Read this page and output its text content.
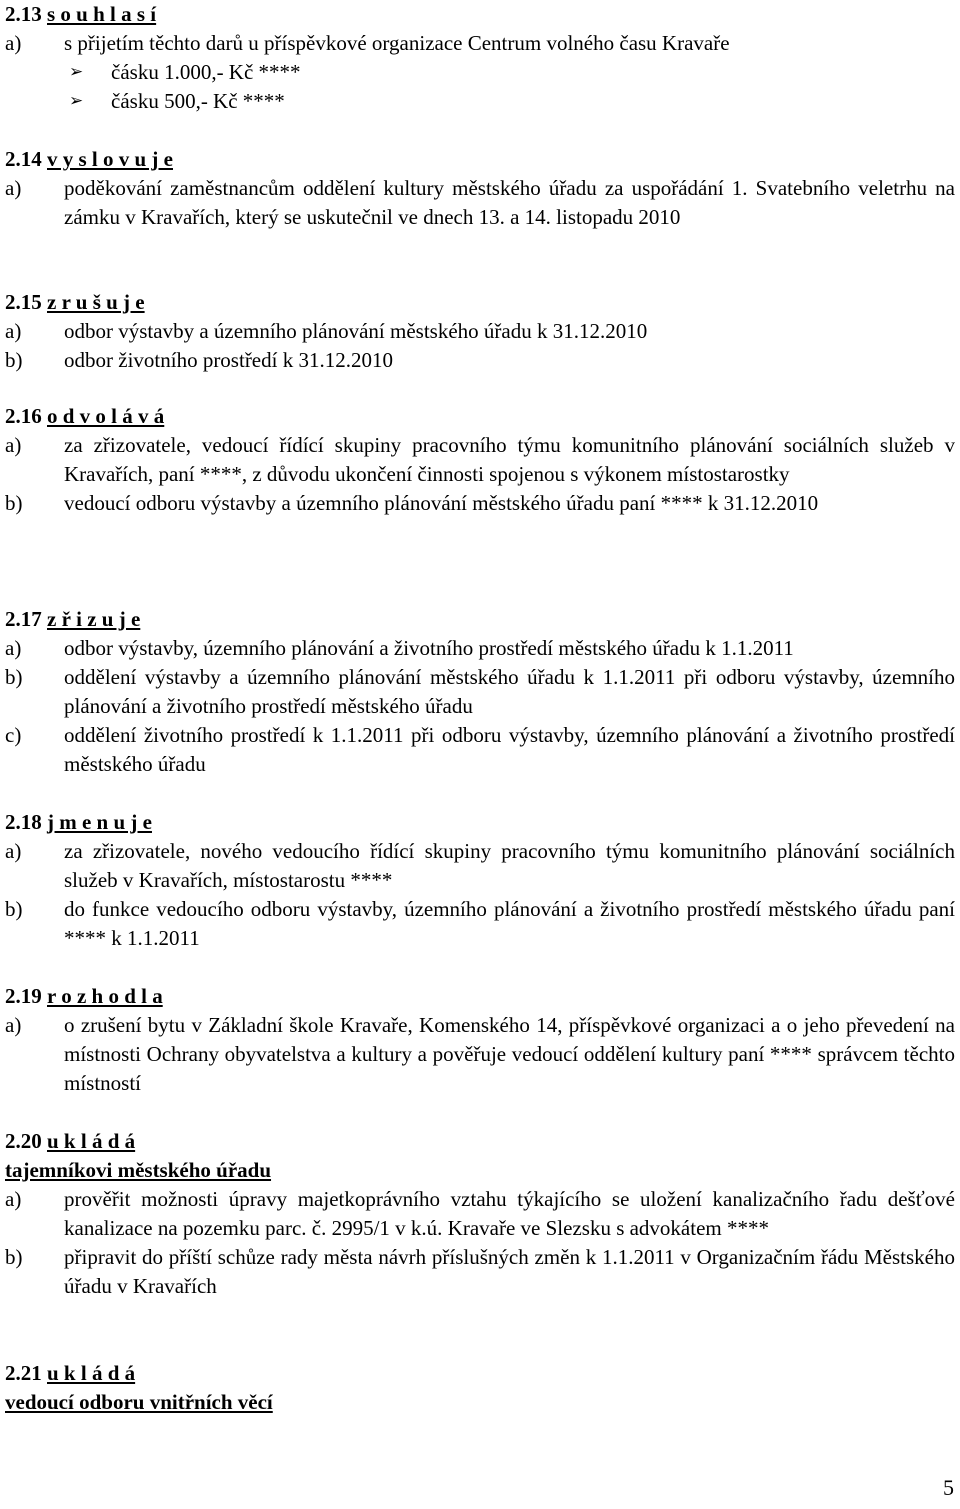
2.13 s o u h l a s í
a) s přijetím těchto darů u příspěvkové organizace Centrum volného času Kravaře
➢ čásku 1.000,- Kč ****
➢ čásku 500,- Kč ****
2.14 v y s l o v u j e
a) poděkování zaměstnancům oddělení kultury městského úřadu za uspořádání 1. Svatebního veletrhu na zámku v Kravařích, který se uskutečnil ve dnech 13. a 14. listopadu 2010
2.15 z r u š u j e
a) odbor výstavby a územního plánování městského úřadu k 31.12.2010
b) odbor životního prostředí k 31.12.2010
2.16 o d v o l á v á
a) za zřizovatele, vedoucí řídící skupiny pracovního týmu komunitního plánování sociálních služeb v Kravařích, paní ****, z důvodu ukončení činnosti spojenou s výkonem místostarostky
b) vedoucí odboru výstavby a územního plánování městského úřadu paní **** k 31.12.2010
2.17 z ř i z u j e
a) odbor výstavby, územního plánování a životního prostředí městského úřadu k 1.1.2011
b) oddělení výstavby a územního plánování městského úřadu k 1.1.2011 při odboru výstavby, územního plánování a životního prostředí městského úřadu
c) oddělení životního prostředí k 1.1.2011 při odboru výstavby, územního plánování a životního prostředí městského úřadu
2.18 j m e n u j e
a) za zřizovatele, nového vedoucího řídící skupiny pracovního týmu komunitního plánování sociálních služeb v Kravařích, místostarostu ****
b) do funkce vedoucího odboru výstavby, územního plánování a životního prostředí městského úřadu paní **** k 1.1.2011
2.19 r o z h o d l a
a) o zrušení bytu v Základní škole Kravaře, Komenského 14, příspěvkové organizaci a o jeho převedení na místnosti Ochrany obyvatelstva a kultury a pověřuje vedoucí oddělení kultury paní **** správcem těchto místností
2.20 u k l á d á
tajemníkovi městského úřadu
a) prověřit možnosti úpravy majetkoprávního vztahu týkajícího se uložení kanalizačního řadu dešťové kanalizace na pozemku parc. č. 2995/1 v k.ú. Kravaře ve Slezsku s advokátem ****
b) připravit do příští schůze rady města návrh příslušných změn k 1.1.2011 v Organizačním řádu Městského úřadu v Kravařích
2.21 u k l á d á
vedoucí odboru vnitřních věcí
5
